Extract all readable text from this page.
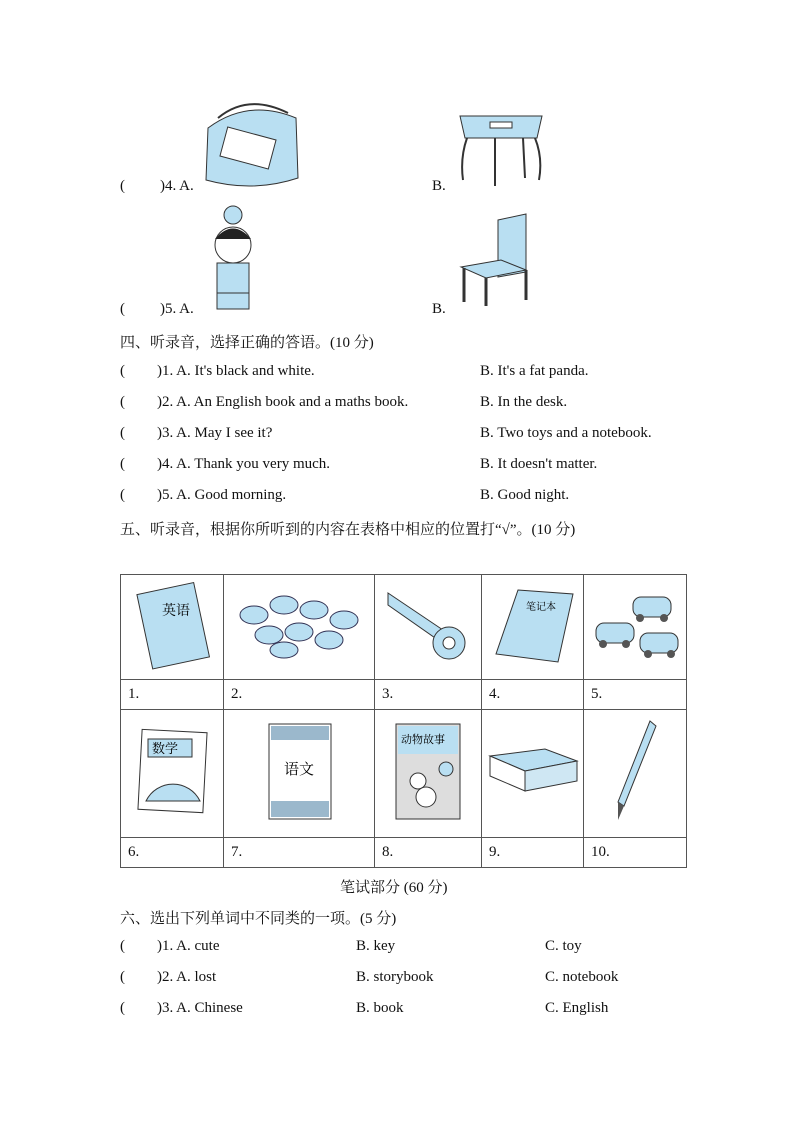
( )4. A.	B.
( )5. A.	B.
四、听录音，选择正确的答语。(10 分)
( )1. A. It's black and white.	B. It's a fat panda.
( )2. A. An English book and a maths book.	B. In the desk.
( )3. A. May I see it?	B. Two toys and a notebook.
( )4. A. Thank you very much.	B. It doesn't matter.
( )5. A. Good morning.	B. Good night.
五、听录音，根据你所听到的内容在表格中相应的位置打“√”。(10 分)
英语			笔记本

1.	2.	3.	4.	5.

数学	语文	动物故事

6.	7.	8.	9.	10.
笔试部分 (60 分)
六、选出下列单词中不同类的一项。(5 分)
( )1. A. cute	B. key	C. toy
( )2. A. lost	B. storybook	C. notebook
( )3. A. Chinese	B. book	C. English
